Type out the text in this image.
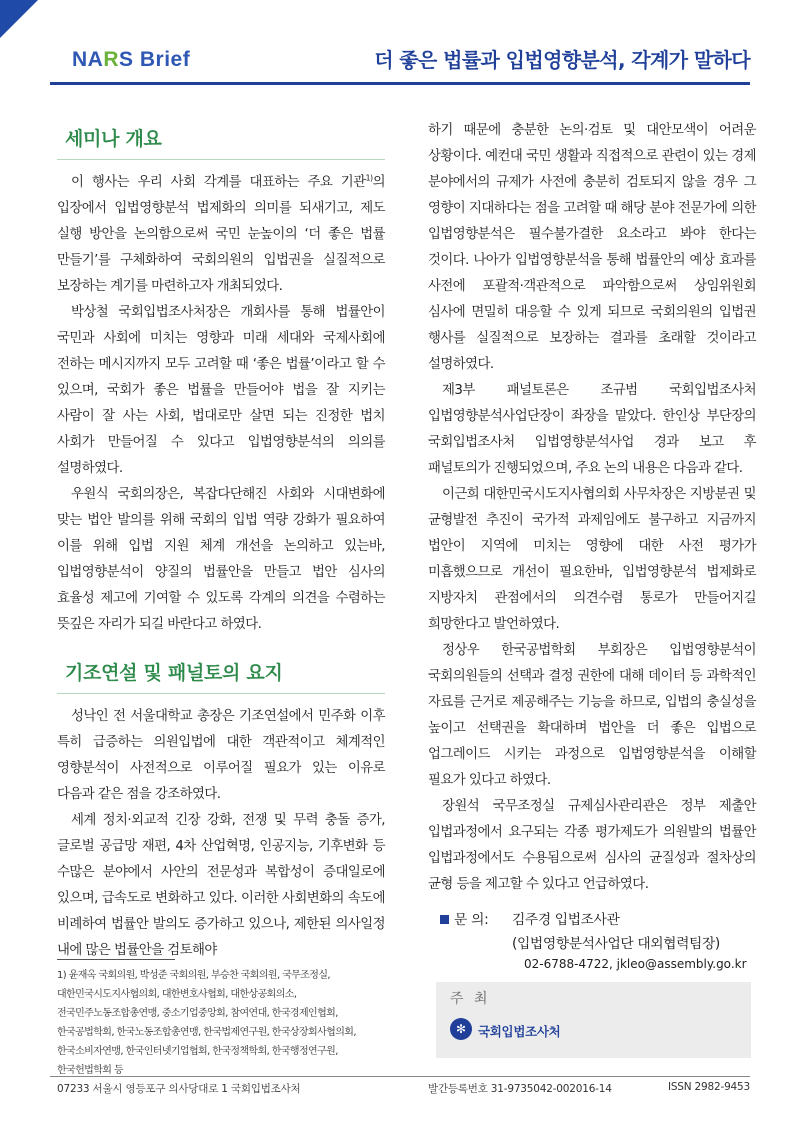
NARS Brief	더 좋은 법률과 입법영향분석, 각계가 말하다
세미나 개요

이 행사는 우리 사회 각계를 대표하는 주요 기관$^{1)}$의 입장에서 입법영향분석 법제화의 의미를 되새기고, 제도 실행 방안을 논의함으로써 국민 눈높이의 ‘더 좋은 법률 만들기’를 구체화하여 국회의원의 입법권을 실질적으로 보장하는 계기를 마련하고자 개최되었다.

박상철 국회입법조사처장은 개회사를 통해 법률안이 국민과 사회에 미치는 영향과 미래 세대와 국제사회에 전하는 메시지까지 모두 고려할 때 ‘좋은 법률’이라고 할 수 있으며, 국회가 좋은 법률을 만들어야 법을 잘 지키는 사람이 잘 사는 사회, 법대로만 살면 되는 진정한 법치 사회가 만들어질 수 있다고 입법영향분석의 의의를 설명하였다.

우원식 국회의장은, 복잡다단해진 사회와 시대변화에 맞는 법안 발의를 위해 국회의 입법 역량 강화가 필요하여 이를 위해 입법 지원 체계 개선을 논의하고 있는바, 입법영향분석이 양질의 법률안을 만들고 법안 심사의 효율성 제고에 기여할 수 있도록 각계의 의견을 수렴하는 뜻깊은 자리가 되길 바란다고 하였다.

기조연설 및 패널토의 요지

성낙인 전 서울대학교 총장은 기조연설에서 민주화 이후 특히 급증하는 의원입법에 대한 객관적이고 체계적인 영향분석이 사전적으로 이루어질 필요가 있는 이유로 다음과 같은 점을 강조하였다.

세계 정치·외교적 긴장 강화, 전쟁 및 무력 충돌 증가, 글로벌 공급망 재편, 4차 산업혁명, 인공지능, 기후변화 등 수많은 분야에서 사안의 전문성과 복합성이 증대일로에 있으며, 급속도로 변화하고 있다. 이러한 사회변화의 속도에 비례하여 법률안 발의도 증가하고 있으나, 제한된 의사일정 내에 많은 법률안을 검토해야

1) 윤재옥 국회의원, 박성준 국회의원, 부승찬 국회의원, 국무조정실, 대한민국시도지사협의회, 대한변호사협회, 대한상공회의소, 전국민주노동조합총연맹, 중소기업중앙회, 참여연대, 한국경제인협회, 한국공법학회, 한국노동조합총연맹, 한국법제연구원, 한국상장회사협의회, 한국소비자연맹, 한국인터넷기업협회, 한국정책학회, 한국행정연구원, 한국헌법학회 등

하기 때문에 충분한 논의·검토 및 대안모색이 어려운 상황이다. 예컨대 국민 생활과 직접적으로 관련이 있는 경제 분야에서의 규제가 사전에 충분히 검토되지 않을 경우 그 영향이 지대하다는 점을 고려할 때 해당 분야 전문가에 의한 입법영향분석은 필수불가결한 요소라고 봐야 한다는 것이다. 나아가 입법영향분석을 통해 법률안의 예상 효과를 사전에 포괄적·객관적으로 파악함으로써 상임위원회 심사에 면밀히 대응할 수 있게 되므로 국회의원의 입법권 행사를 실질적으로 보장하는 결과를 초래할 것이라고 설명하였다.

제3부 패널토론은 조규범 국회입법조사처 입법영향분석사업단장이 좌장을 맡았다. 한인상 부단장의 국회입법조사처 입법영향분석사업 경과 보고 후 패널토의가 진행되었으며, 주요 논의 내용은 다음과 같다.

이근희 대한민국시도지사협의회 사무차장은 지방분권 및 균형발전 추진이 국가적 과제임에도 불구하고 지금까지 법안이 지역에 미치는 영향에 대한 사전 평가가 미흡했으므로 개선이 필요한바, 입법영향분석 법제화로 지방자치 관점에서의 의견수렴 통로가 만들어지길 희망한다고 발언하였다.

정상우 한국공법학회 부회장은 입법영향분석이 국회의원들의 선택과 결정 권한에 대해 데이터 등 과학적인 자료를 근거로 제공해주는 기능을 하므로, 입법의 충실성을 높이고 선택권을 확대하며 법안을 더 좋은 입법으로 업그레이드 시키는 과정으로 입법영향분석을 이해할 필요가 있다고 하였다.

장원석 국무조정실 규제심사관리관은 정부 제출안 입법과정에서 요구되는 각종 평가제도가 의원발의 법률안 입법과정에서도 수용됨으로써 심사의 균질성과 절차상의 균형 등을 제고할 수 있다고 언급하였다.

문 의:	김주경 입법조사관
(입법영향분석사업단 대외협력팀장)
02-6788-4722, jkleo@assembly.go.kr
주 최
✻ 국회입법조사처
07233 서울시 영등포구 의사당대로 1 국회입법조사처	발간등록번호 31-9735042-002016-14	ISSN 2982-9453
